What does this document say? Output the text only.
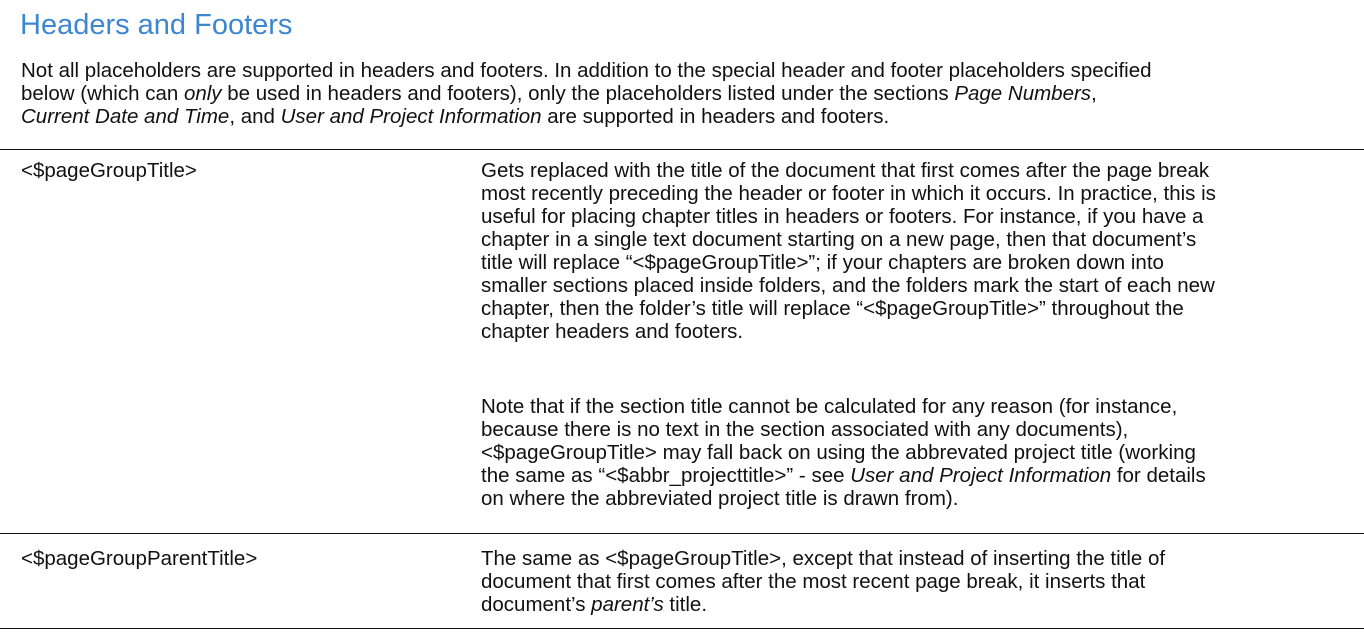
Headers and Footers

Not all placeholders are supported in headers and footers. In addition to the special header and footer placeholders specified
below (which can only be used in headers and footers), only the placeholders listed under the sections Page Numbers,
Current Date and Time, and User and Project Information are supported in headers and footers.

<$pageGroupTitle>	Gets replaced with the title of the document that first comes after the page break
most recently preceding the header or footer in which it occurs. In practice, this is
useful for placing chapter titles in headers or footers. For instance, if you have a
chapter in a single text document starting on a new page, then that document’s
title will replace “<$pageGroupTitle>”; if your chapters are broken down into
smaller sections placed inside folders, and the folders mark the start of each new
chapter, then the folder’s title will replace “<$pageGroupTitle>” throughout the
chapter headers and footers.

Note that if the section title cannot be calculated for any reason (for instance,
because there is no text in the section associated with any documents),
<$pageGroupTitle> may fall back on using the abbrevated project title (working
the same as “<$abbr_projecttitle>” - see User and Project Information for details
on where the abbreviated project title is drawn from).

<$pageGroupParentTitle>	The same as <$pageGroupTitle>, except that instead of inserting the title of
document that first comes after the most recent page break, it inserts that
document’s parent’s title.
